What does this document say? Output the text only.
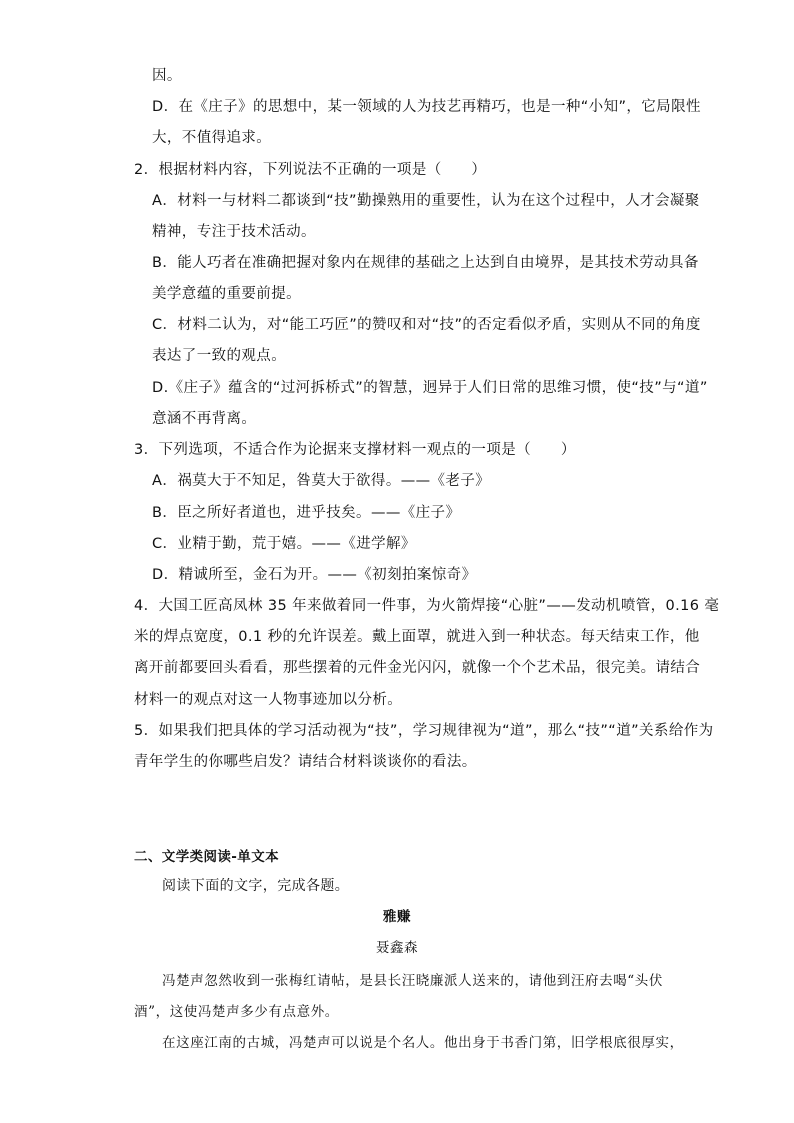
因。
D．在《庄子》的思想中，某一领域的人为技艺再精巧，也是一种“小知”，它局限性
大，不值得追求。
2．根据材料内容，下列说法不正确的一项是（　　）
A．材料一与材料二都谈到“技”勤操熟用的重要性，认为在这个过程中，人才会凝聚
精神，专注于技术活动。
B．能人巧者在准确把握对象内在规律的基础之上达到自由境界，是其技术劳动具备
美学意蕴的重要前提。
C．材料二认为，对“能工巧匠”的赞叹和对“技”的否定看似矛盾，实则从不同的角度
表达了一致的观点。
D.《庄子》蕴含的“过河拆桥式”的智慧，迥异于人们日常的思维习惯，使“技”与“道”
意涵不再背离。
3．下列选项，不适合作为论据来支撑材料一观点的一项是（　　）
A．祸莫大于不知足，咎莫大于欲得。——《老子》
B．臣之所好者道也，进乎技矣。——《庄子》
C．业精于勤，荒于嬉。——《进学解》
D．精诚所至，金石为开。——《初刻拍案惊奇》
4．大国工匠高凤林 35 年来做着同一件事，为火箭焊接“心脏”——发动机喷管，0.16 毫
米的焊点宽度，0.1 秒的允许误差。戴上面罩，就进入到一种状态。每天结束工作，他
离开前都要回头看看，那些摆着的元件金光闪闪，就像一个个艺术品，很完美。请结合
材料一的观点对这一人物事迹加以分析。
5．如果我们把具体的学习活动视为“技”，学习规律视为“道”，那么“技”“道”关系给作为
青年学生的你哪些启发？请结合材料谈谈你的看法。
二、文学类阅读-单文本
阅读下面的文字，完成各题。
雅赚
聂鑫森
冯楚声忽然收到一张梅红请帖，是县长汪晓廉派人送来的，请他到汪府去喝“头伏
酒”，这使冯楚声多少有点意外。
在这座江南的古城，冯楚声可以说是个名人。他出身于书香门第，旧学根底很厚实，
